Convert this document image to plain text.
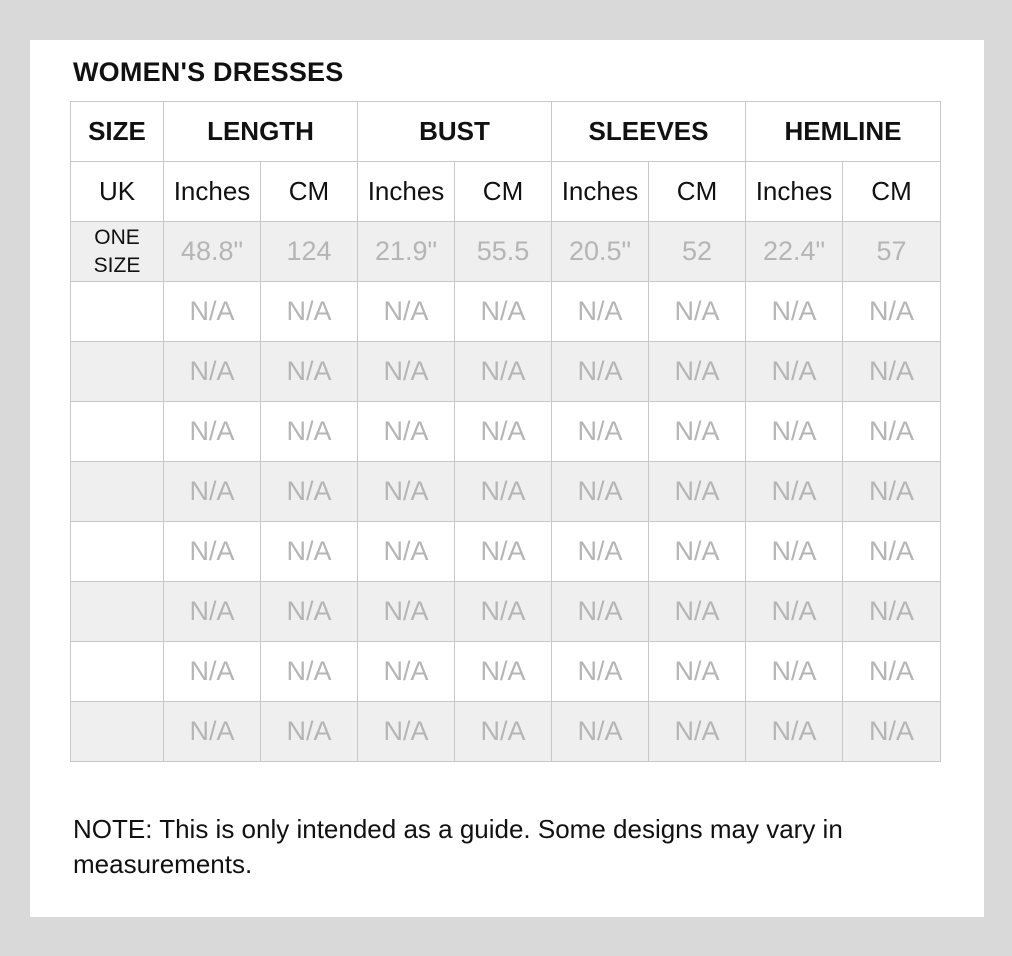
WOMEN'S DRESSES
SIZE	LENGTH		BUST		SLEEVES		HEMLINE	
UK	Inches	CM	Inches	CM	Inches	CM	Inches	CM

ONE
SIZE	48.8"	124	21.9"	55.5	20.5"	52	22.4"	57

	N/A	N/A	N/A	N/A	N/A	N/A	N/A	N/A

	N/A	N/A	N/A	N/A	N/A	N/A	N/A	N/A

	N/A	N/A	N/A	N/A	N/A	N/A	N/A	N/A

	N/A	N/A	N/A	N/A	N/A	N/A	N/A	N/A

	N/A	N/A	N/A	N/A	N/A	N/A	N/A	N/A

	N/A	N/A	N/A	N/A	N/A	N/A	N/A	N/A

	N/A	N/A	N/A	N/A	N/A	N/A	N/A	N/A

	N/A	N/A	N/A	N/A	N/A	N/A	N/A	N/A

NOTE: This is only intended as a guide. Some designs may vary in measurements.
